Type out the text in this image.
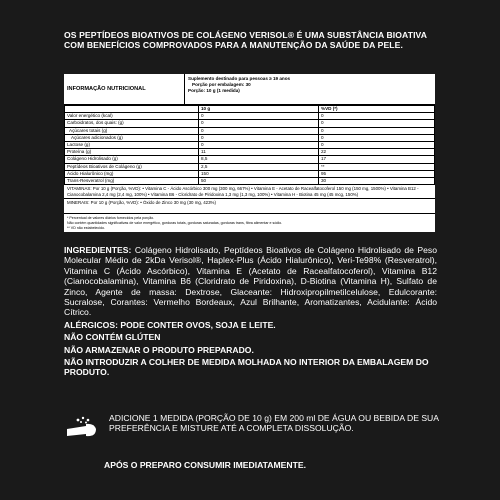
OS PEPTÍDEOS BIOATIVOS DE COLÁGENO VERISOL® É UMA SUBSTÂNCIA BIOATIVA COM BENEFÍCIOS COMPROVADOS PARA A MANUTENÇÃO DA SAÚDE DA PELE.
INFORMAÇÃO NUTRICIONAL
Suplemento destinado para pessoas ≥ 19 anos
Porção por embalagem: 30
Porção: 10 g (1 medida)
	10 g	%VD (*)
Valor energético (kcal)	0	0
Carboidratos, dos quais: (g)	0	0
Açúcares totais (g)	0	0
Açúcares adicionados (g)	0	0
Lactose (g)	0	0
Proteína (g)	11	22
Colágeno Hidrolisado (g)	8,5	17
Peptídeos Bioativos de Colágeno (g)	2,5	**
Ácido Hialurônico (mg)	150	95
Trans-Resveratrol (mg)	50	30
VITAMINAS: Por 10 g (Porção, %VD): • Vitamina C - Ácido Ascórbico 300 mg (300 mg, 667%) • Vitamina E - Acetato de Racealfatocoferol 150 mg (150 mg, 1500%) • Vitamina B12 - Cianocobalamina 2,4 mg (2,4 mg, 100%) • Vitamina B6 - Cloridrato de Piridoxina 1,3 mg (1,3 mg, 100%) • Vitamina H - Biotina 45 mg (45 mcg, 150%)
MINERAIS: Por 10 g (Porção, %VD): • Óxido de Zinco 30 mg (30 mg, 423%)
* Percentual de valores diários fornecidos pela porção.
Não contém quantidades significativas de valor energético, gorduras totais, gorduras saturadas, gorduras trans, fibra alimentar e sódio.
** VD não estabelecido.

INGREDIENTES: Colágeno Hidrolisado, Peptídeos Bioativos de Colágeno Hidrolisado de Peso Molecular Médio de 2kDa Verisol®, Haplex-Plus (Ácido Hialurônico), Veri-Te98% (Resveratrol), Vitamina C (Ácido Ascórbico), Vitamina E (Acetato de Racealfatocoferol), Vitamina B12 (Cianocobalamina), Vitamina B6 (Cloridrato de Piridoxina), D-Biotina (Vitamina H), Sulfato de Zinco, Agente de massa: Dextrose, Glaceante: Hidroxipropilmetilcelulose, Edulcorante: Sucralose, Corantes: Vermelho Bordeaux, Azul Brilhante, Aromatizantes, Acidulante: Ácido Cítrico.

ALÉRGICOS: PODE CONTER OVOS, SOJA E LEITE.

NÃO CONTÉM GLÚTEN

NÃO ARMAZENAR O PRODUTO PREPARADO.

NÃO INTRODUZIR A COLHER DE MEDIDA MOLHADA NO INTERIOR DA EMBALAGEM DO PRODUTO.

ADICIONE 1 MEDIDA (PORÇÃO DE 10 g) EM 200 ml DE ÁGUA OU BEBIDA DE SUA PREFERÊNCIA E MISTURE ATÉ A COMPLETA DISSOLUÇÃO.
APÓS O PREPARO CONSUMIR IMEDIATAMENTE.
